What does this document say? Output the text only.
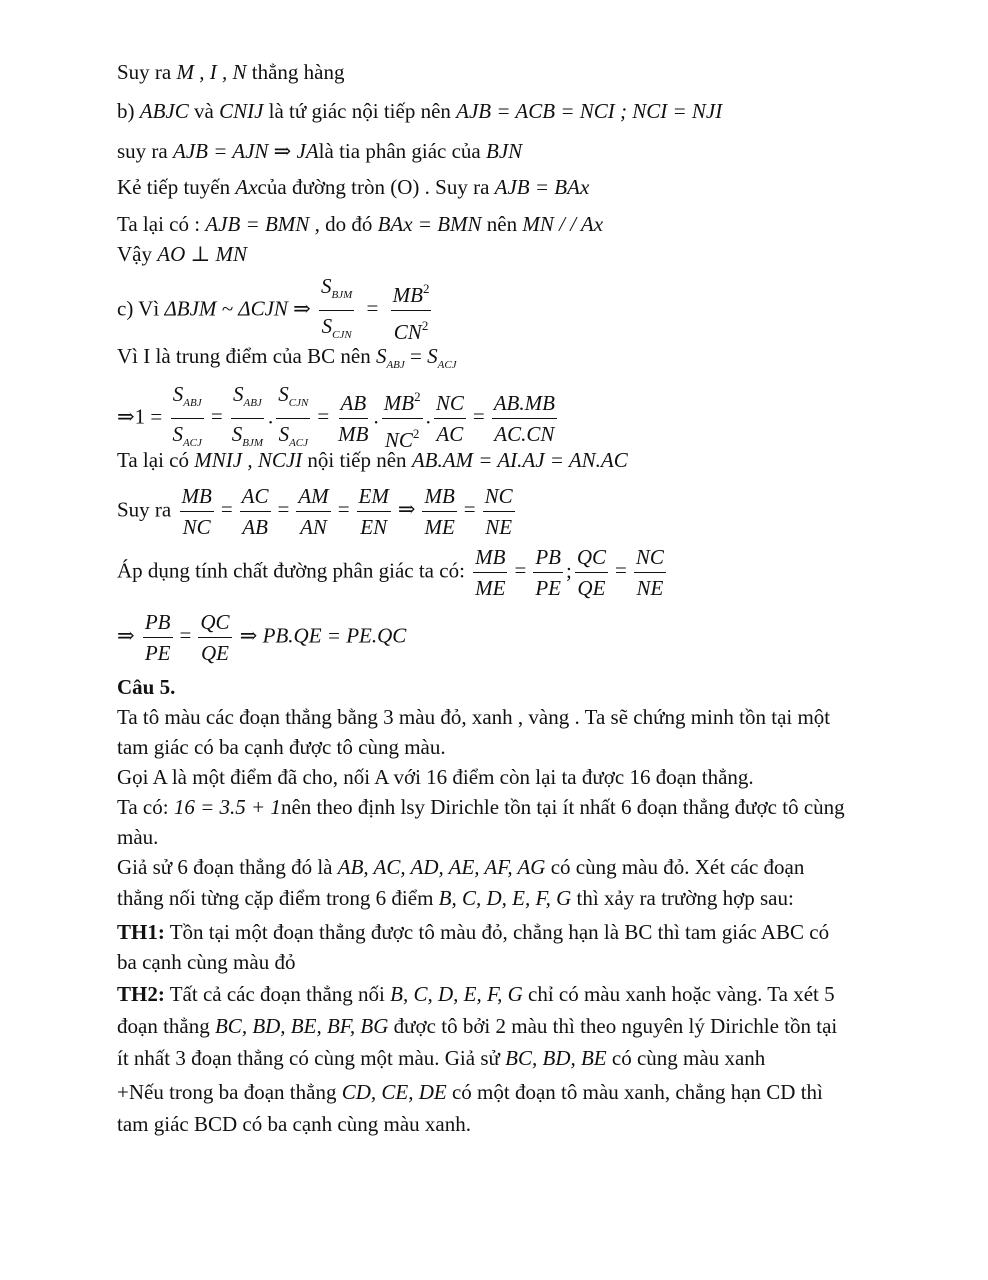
Suy ra M , I , N thẳng hàng
b) ABJC và CNIJ là tứ giác nội tiếp nên AJB = ACB = NCI ; NCI = NJI
suy ra AJB = AJN ⇒ JAlà tia phân giác của BJN
Kẻ tiếp tuyến Axcủa đường tròn (O) . Suy ra AJB = BAx
Ta lại có : AJB = BMN , do đó BAx = BMN nên MN / / Ax
Vậy AO ⊥ MN
c) Vì ΔBJM ~ ΔCJN ⇒ $\frac{S_{BJM}}{S_{CJN}} = \frac{MB^2}{CN^2}$
Vì I là trung điểm của BC nên $S_{ABJ} = S_{ACJ}$
⇒1 = $\frac{S_{ABJ}}{S_{ACJ}} = \frac{S_{ABJ}}{S_{BJM}}$ . $\frac{S_{CJN}}{S_{ACJ}} = \frac{AB}{MB}$ . $\frac{MB^2}{NC^2}$ . $\frac{NC}{AC} = \frac{AB.MB}{AC.CN}$
Ta lại có MNIJ , NCJI nội tiếp nên AB.AM = AI.AJ = AN.AC
Suy ra $\frac{MB}{NC} = \frac{AC}{AB} = \frac{AM}{AN} = \frac{EM}{EN}$ ⇒ $\frac{MB}{ME} = \frac{NC}{NE}$
Áp dụng tính chất đường phân giác ta có: $\frac{MB}{ME} = \frac{PB}{PE}$ ; $\frac{QC}{QE} = \frac{NC}{NE}$
⇒ $\frac{PB}{PE} = \frac{QC}{QE}$ ⇒ PB.QE = PE.QC
Câu 5.
Ta tô màu các đoạn thẳng bằng 3 màu đỏ, xanh , vàng . Ta sẽ chứng minh tồn tại một
tam giác có ba cạnh được tô cùng màu.
Gọi A là một điểm đã cho, nối A với 16 điểm còn lại ta được 16 đoạn thẳng.
Ta có: 16 = 3.5 + 1nên theo định lsy Dirichle tồn tại ít nhất 6 đoạn thẳng được tô cùng
màu.
Giả sử 6 đoạn thẳng đó là AB, AC, AD, AE, AF, AG có cùng màu đỏ. Xét các đoạn
thẳng nối từng cặp điểm trong 6 điểm B, C, D, E, F, G thì xảy ra trường hợp sau:
TH1: Tồn tại một đoạn thẳng được tô màu đỏ, chẳng hạn là BC thì tam giác ABC có
ba cạnh cùng màu đỏ
TH2: Tất cả các đoạn thẳng nối B, C, D, E, F, G chỉ có màu xanh hoặc vàng. Ta xét 5
đoạn thẳng BC, BD, BE, BF, BG được tô bởi 2 màu thì theo nguyên lý Dirichle tồn tại
ít nhất 3 đoạn thẳng có cùng một màu. Giả sử BC, BD, BE có cùng màu xanh
+Nếu trong ba đoạn thẳng CD, CE, DE có một đoạn tô màu xanh, chẳng hạn CD thì
tam giác BCD có ba cạnh cùng màu xanh.
